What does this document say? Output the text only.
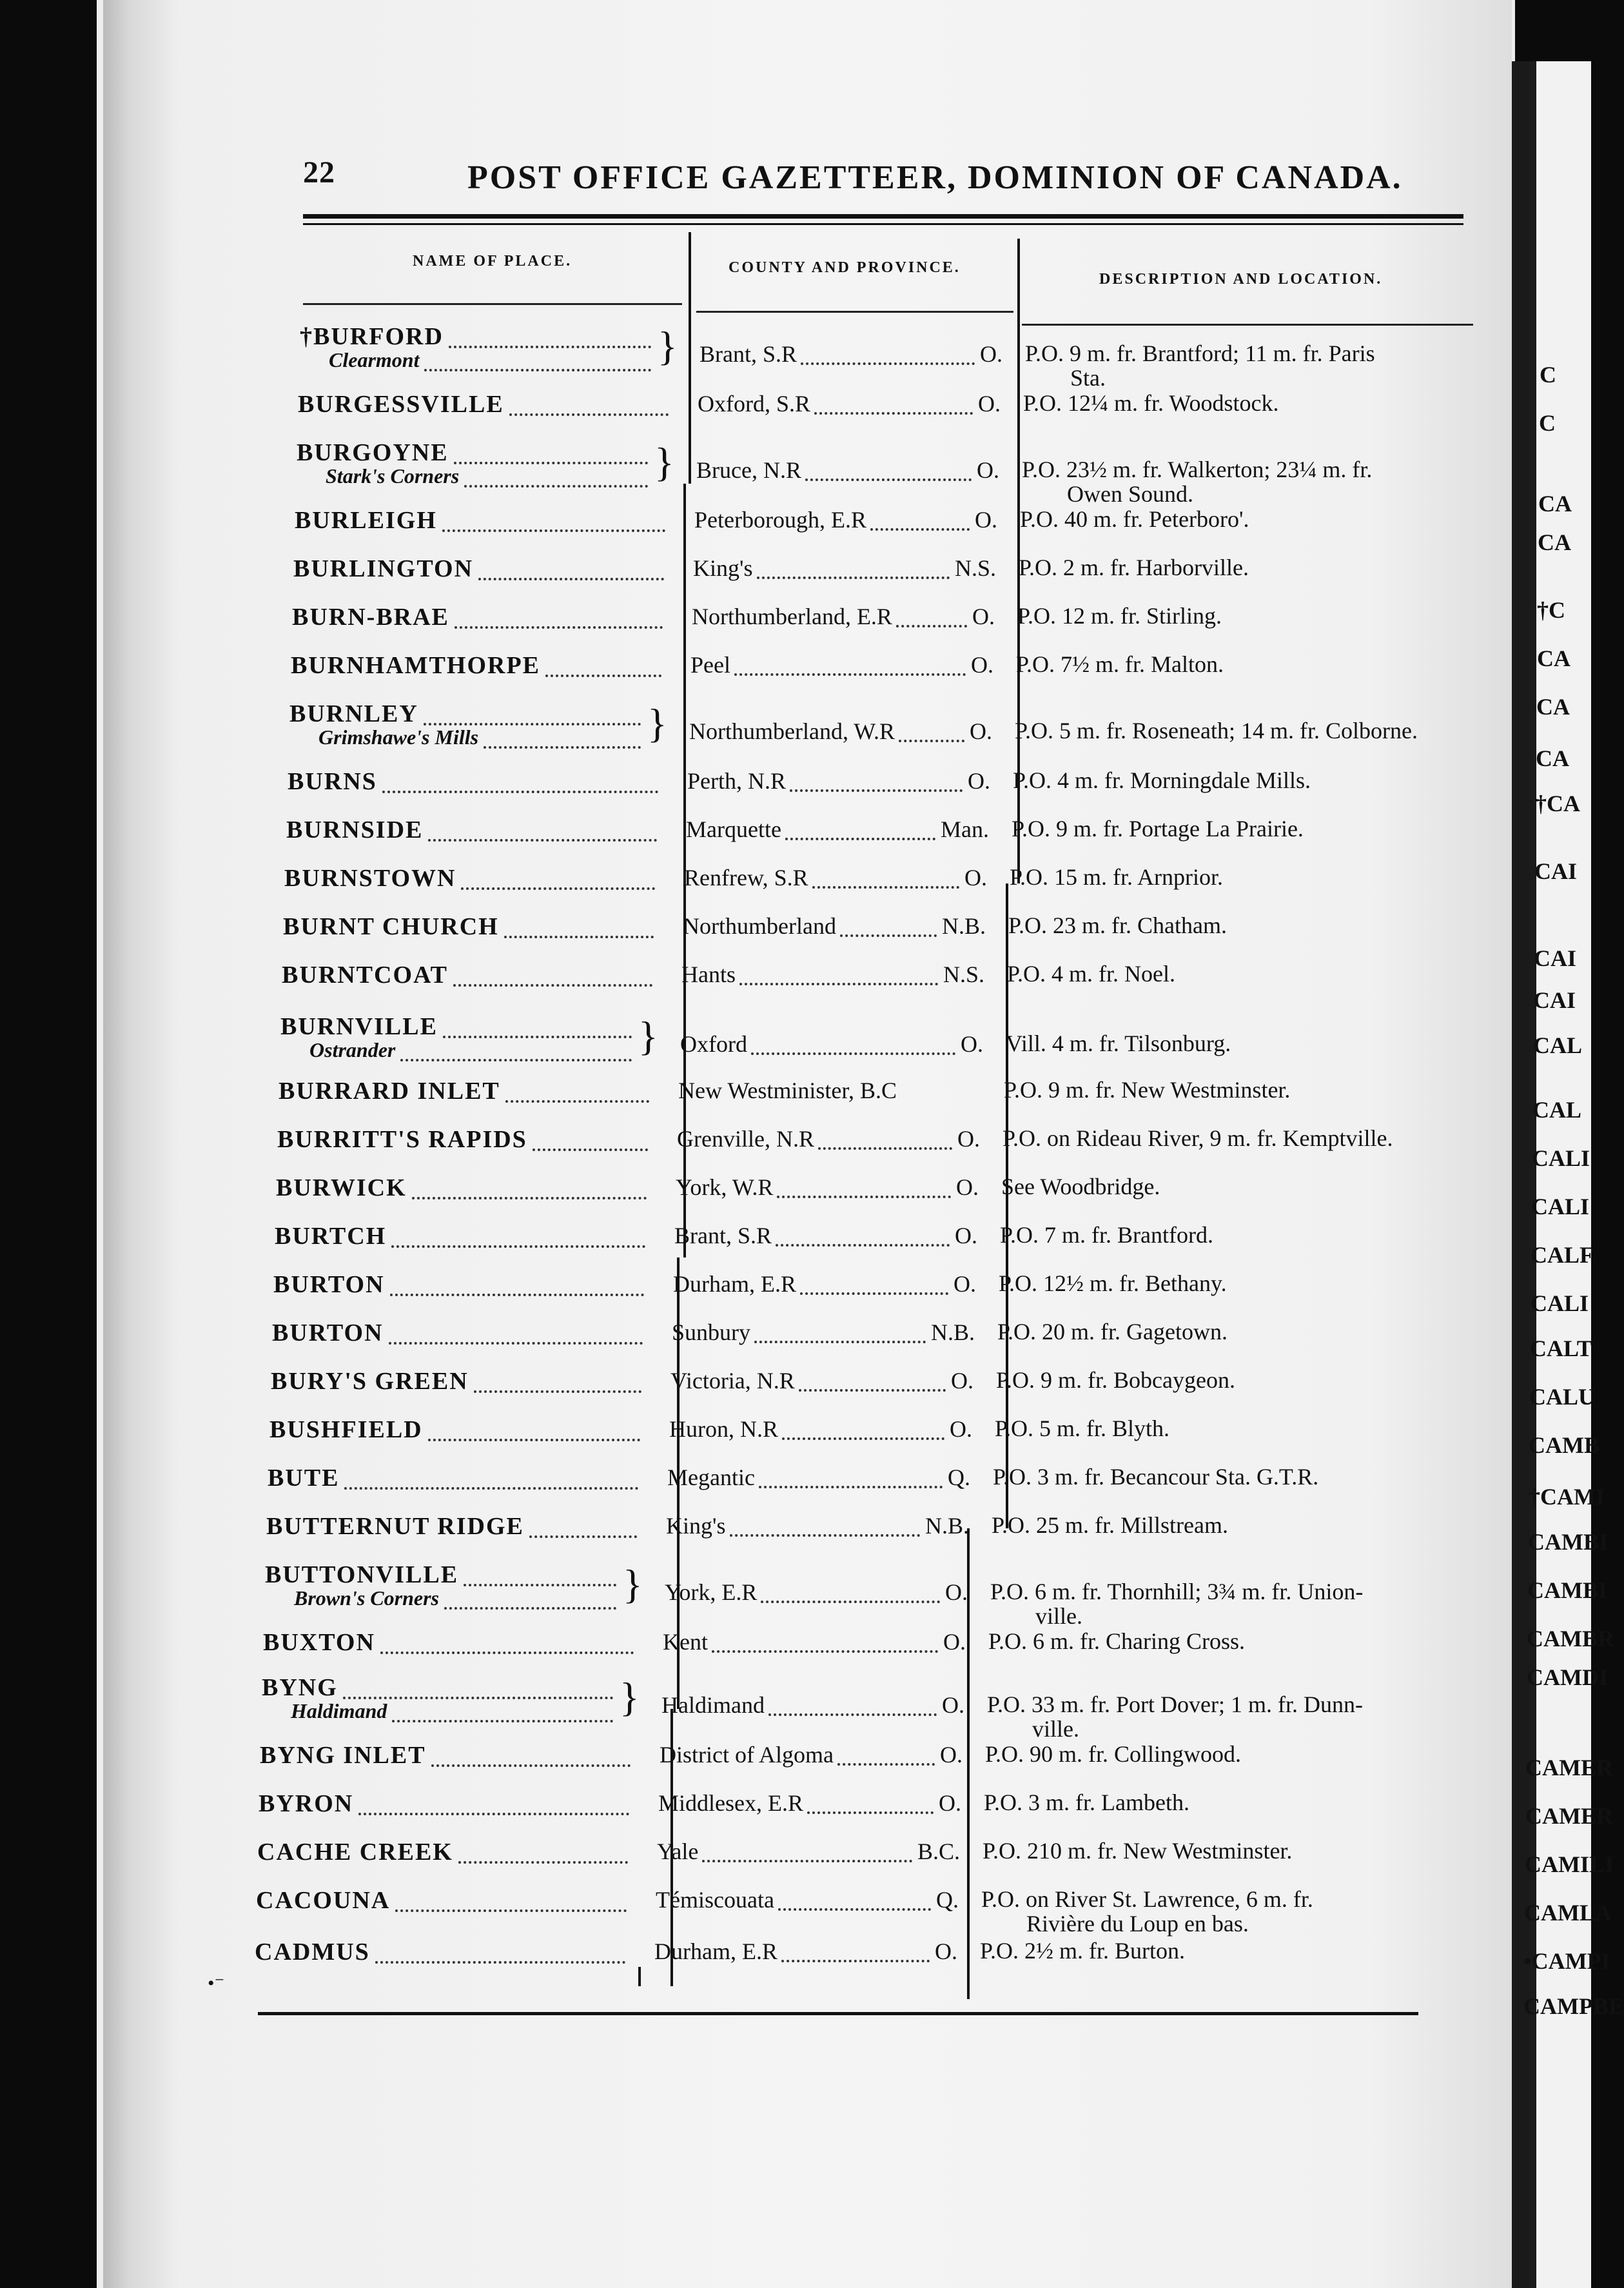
22	POST OFFICE GAZETTEER, DOMINION OF CANADA.
NAME OF PLACE.	COUNTY AND PROVINCE.
DESCRIPTION AND LOCATION.
†BURFORD
Clearmont	} Brant, S.R	O. P.O. 9 m. fr. Brantford; 11 m. fr. Paris
Sta.
BURGESSVILLE	Oxford, S.R	O. P.O. 12¼ m. fr. Woodstock.
BURGOYNE
Stark's Corners	} Bruce, N.R	O. P.O. 23½ m. fr. Walkerton; 23¼ m. fr.
Owen Sound.
BURLEIGH	Peterborough, E.R	O. P.O. 40 m. fr. Peterboro'.
BURLINGTON	King's	N.S. P.O. 2 m. fr. Harborville.
BURN-BRAE	Northumberland, E.R	O. P.O. 12 m. fr. Stirling.
BURNHAMTHORPE	Peel	O. P.O. 7½ m. fr. Malton.
BURNLEY
Grimshawe's Mills	} Northumberland, W.R	O. P.O. 5 m. fr. Roseneath; 14 m. fr. Colborne.
BURNS	Perth, N.R	O. P.O. 4 m. fr. Morningdale Mills.
BURNSIDE	Marquette	Man. P.O. 9 m. fr. Portage La Prairie.
BURNSTOWN	Renfrew, S.R	O. P.O. 15 m. fr. Arnprior.
BURNT CHURCH	Northumberland	N.B. P.O. 23 m. fr. Chatham.
BURNTCOAT	Hants	N.S. P.O. 4 m. fr. Noel.
BURNVILLE
Ostrander	} Oxford	O. Vill. 4 m. fr. Tilsonburg.
BURRARD INLET	New Westminister, B.C	P.O. 9 m. fr. New Westminster.
BURRITT'S RAPIDS	Grenville, N.R	O. P.O. on Rideau River, 9 m. fr. Kemptville.
BURWICK	York, W.R	O. See Woodbridge.
BURTCH	Brant, S.R	O. P.O. 7 m. fr. Brantford.
BURTON	Durham, E.R	O. P.O. 12½ m. fr. Bethany.
BURTON	Sunbury	N.B. P.O. 20 m. fr. Gagetown.
BURY'S GREEN	Victoria, N.R	O. P.O. 9 m. fr. Bobcaygeon.
BUSHFIELD	Huron, N.R	O. P.O. 5 m. fr. Blyth.
BUTE	Megantic	Q. P.O. 3 m. fr. Becancour Sta. G.T.R.
BUTTERNUT RIDGE	King's	N.B. P.O. 25 m. fr. Millstream.
BUTTONVILLE
Brown's Corners	} York, E.R	O. P.O. 6 m. fr. Thornhill; 3¾ m. fr. Union-
ville.
BUXTON	Kent	O. P.O. 6 m. fr. Charing Cross.
BYNG
Haldimand	} Haldimand	O. P.O. 33 m. fr. Port Dover; 1 m. fr. Dunn-
ville.
BYNG INLET	District of Algoma	O. P.O. 90 m. fr. Collingwood.
BYRON	Middlesex, E.R	O. P.O. 3 m. fr. Lambeth.
CACHE CREEK	Yale	B.C. P.O. 210 m. fr. New Westminster.
CACOUNA	Témiscouata	Q. P.O. on River St. Lawrence, 6 m. fr.
Rivière du Loup en bas.
CADMUS	Durham, E.R	O. P.O. 2½ m. fr. Burton.
•⁻
C
C
CA
CA
†C
CA
CA
CA
†CA
CAI
CAI
CAI
CAL
CAL
CALI
CALI
CALF
CALI
CALT
CALU
CAMB
†CAMI
CAMBI
CAMBI
CAMBR
CAMDI
CAMER
CAMER
CAMILI
CAMLA
•CAMPI
CAMPBE
